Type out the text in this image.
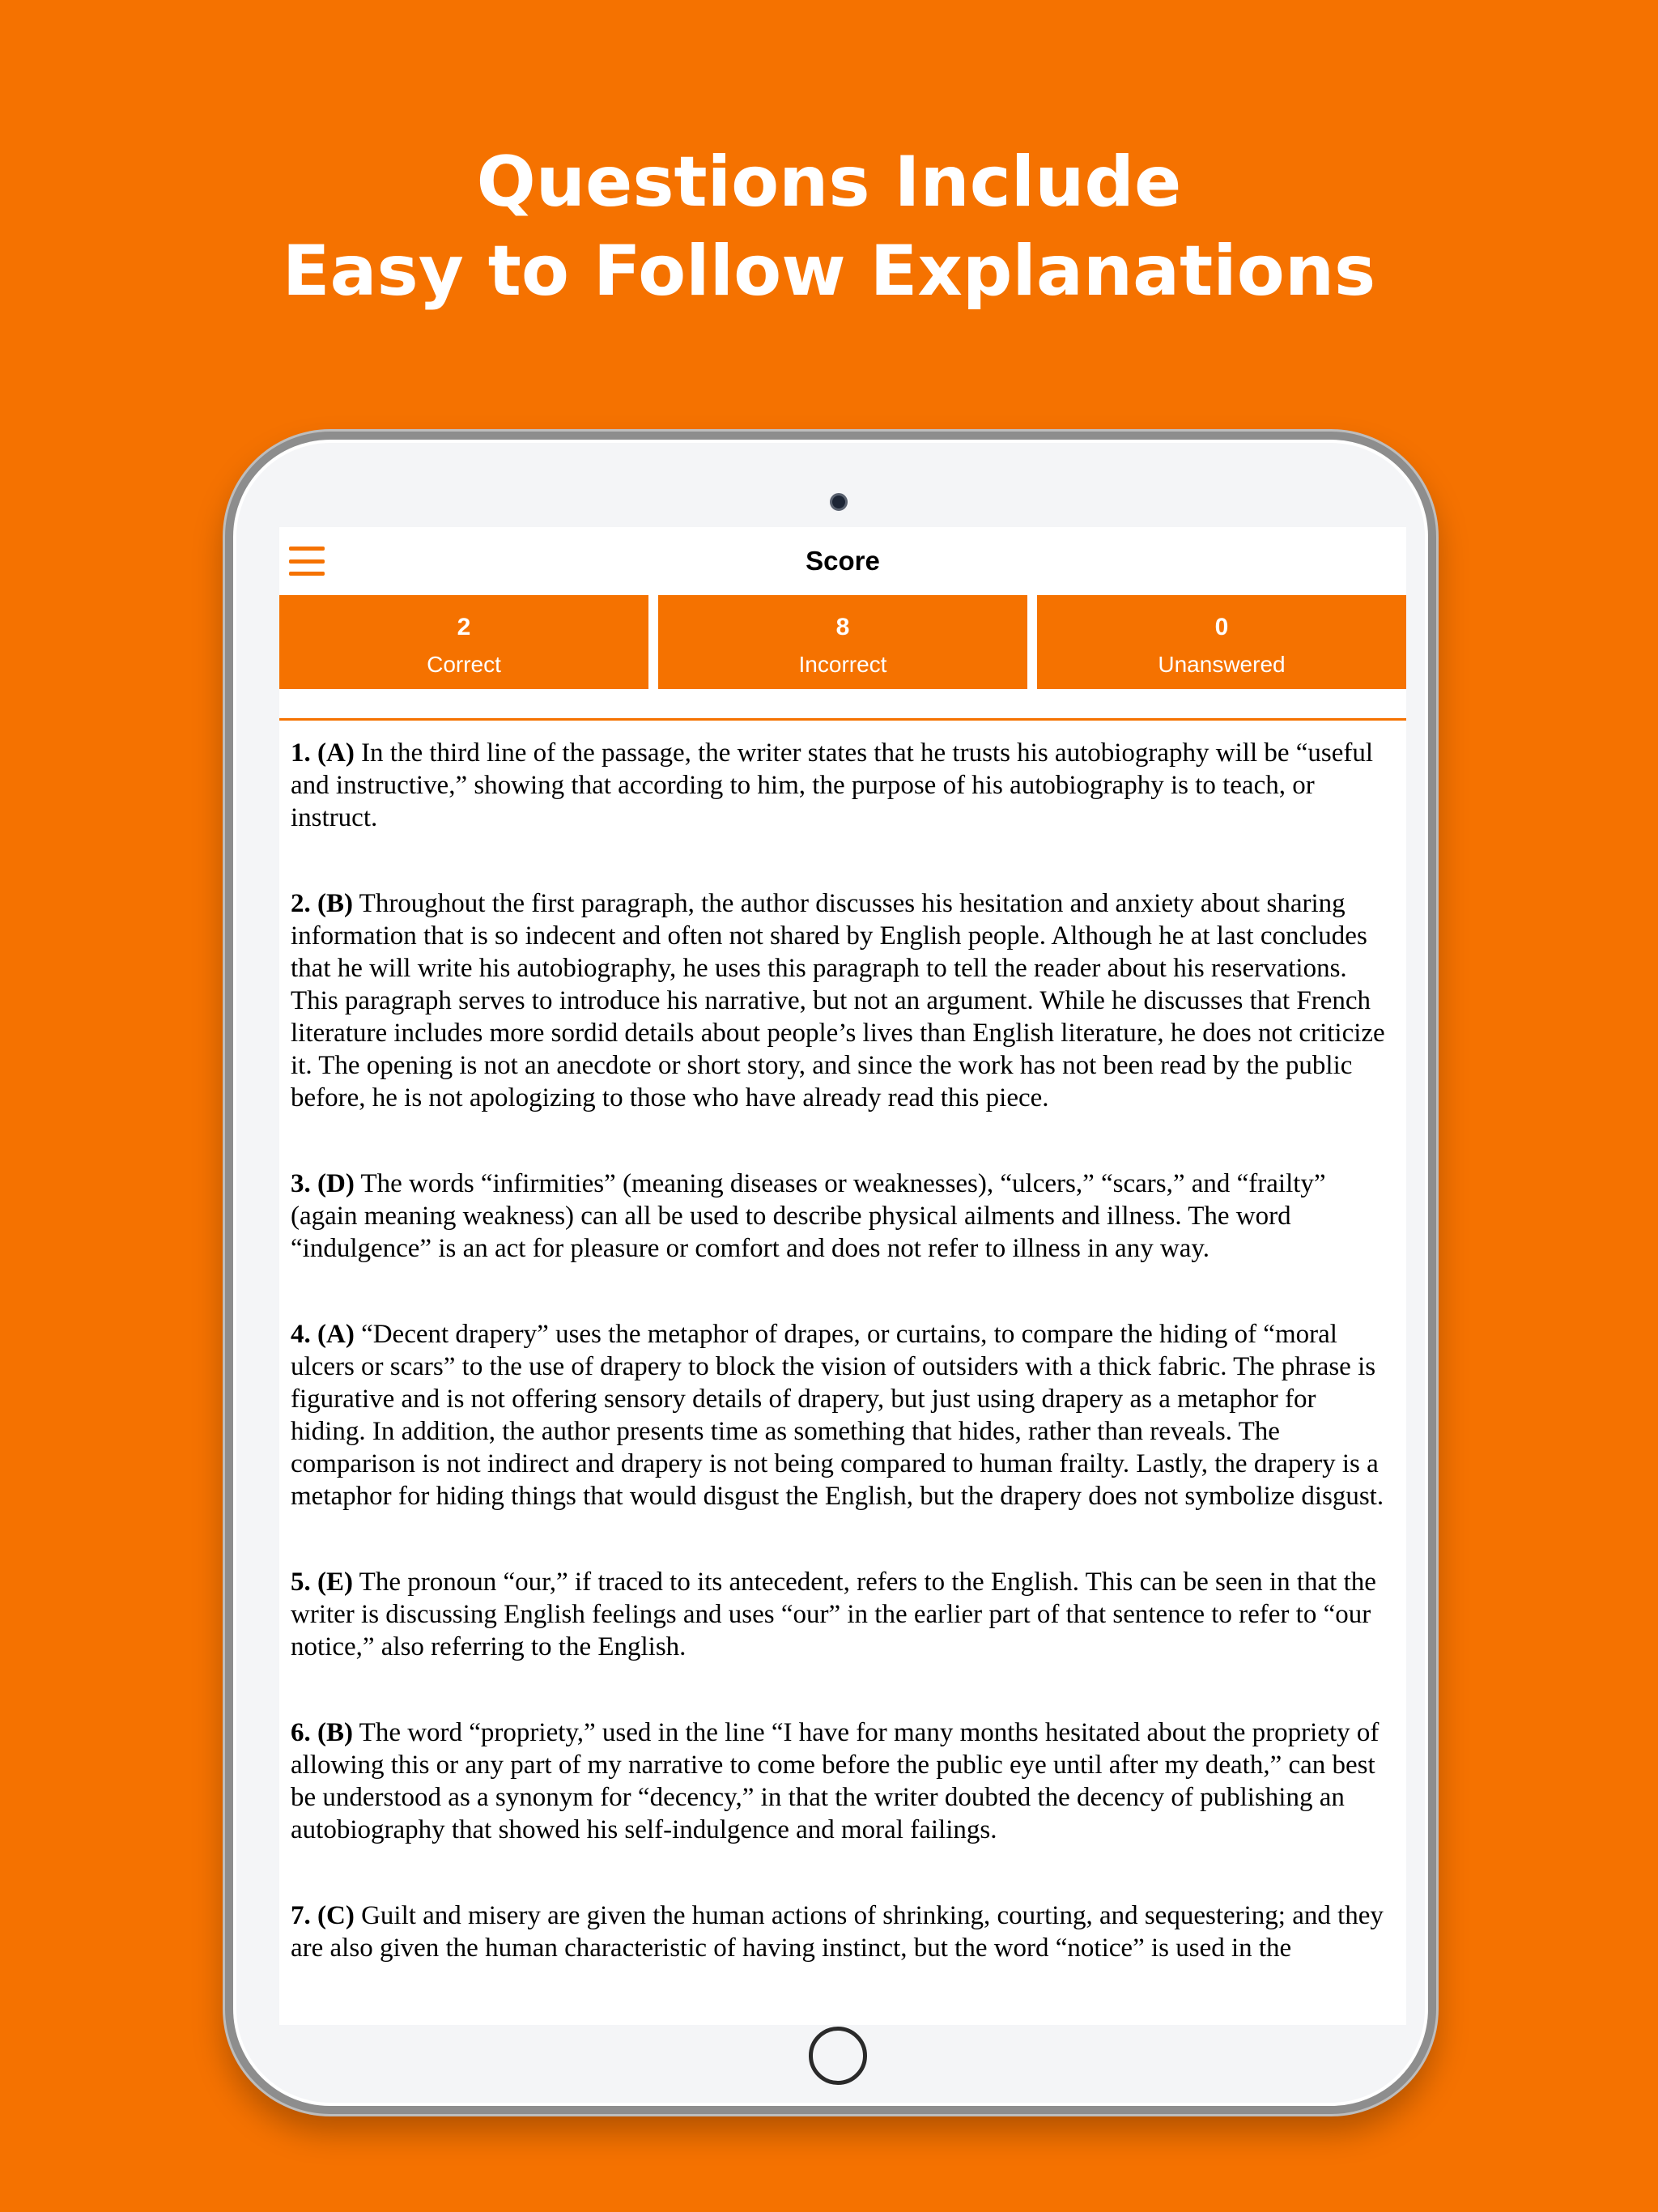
Questions Include
Easy to Follow Explanations
Score
2
Correct
8
Incorrect
0
Unanswered

1. (A) In the third line of the passage, the writer states that he trusts his autobiography will be “useful and instructive,” showing that according to him, the purpose of his autobiography is to teach, or instruct.

2. (B) Throughout the first paragraph, the author discusses his hesitation and anxiety about sharing information that is so indecent and often not shared by English people. Although he at last concludes that he will write his autobiography, he uses this paragraph to tell the reader about his reservations. This paragraph serves to introduce his narrative, but not an argument. While he discusses that French literature includes more sordid details about people’s lives than English literature, he does not criticize it. The opening is not an anecdote or short story, and since the work has not been read by the public before, he is not apologizing to those who have already read this piece.

3. (D) The words “infirmities” (meaning diseases or weaknesses), “ulcers,” “scars,” and “frailty” (again meaning weakness) can all be used to describe physical ailments and illness. The word “indulgence” is an act for pleasure or comfort and does not refer to illness in any way.

4. (A) “Decent drapery” uses the metaphor of drapes, or curtains, to compare the hiding of “moral ulcers or scars” to the use of drapery to block the vision of outsiders with a thick fabric. The phrase is figurative and is not offering sensory details of drapery, but just using drapery as a metaphor for hiding. In addition, the author presents time as something that hides, rather than reveals. The comparison is not indirect and drapery is not being compared to human frailty. Lastly, the drapery is a metaphor for hiding things that would disgust the English, but the drapery does not symbolize disgust.

5. (E) The pronoun “our,” if traced to its antecedent, refers to the English. This can be seen in that the writer is discussing English feelings and uses “our” in the earlier part of that sentence to refer to “our notice,” also referring to the English.

6. (B) The word “propriety,” used in the line “I have for many months hesitated about the propriety of allowing this or any part of my narrative to come before the public eye until after my death,” can best be understood as a synonym for “decency,” in that the writer doubted the decency of publishing an autobiography that showed his self-indulgence and moral failings.

7. (C) Guilt and misery are given the human actions of shrinking, courting, and sequestering; and they are also given the human characteristic of having instinct, but the word “notice” is used in the
